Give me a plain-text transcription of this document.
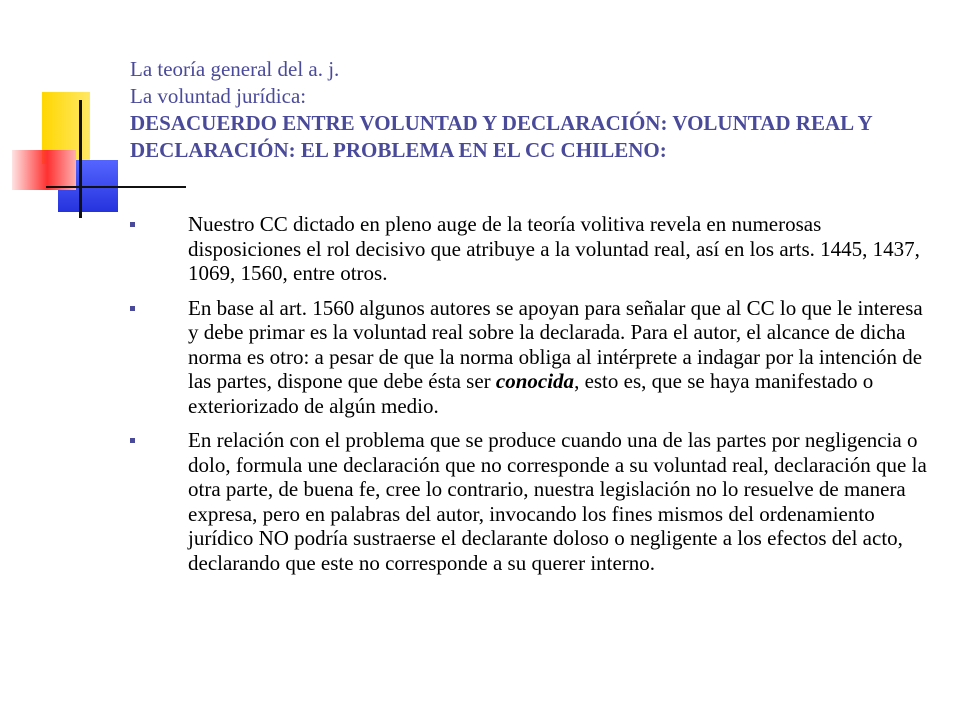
La teoría general del a. j.
La voluntad jurídica:
DESACUERDO ENTRE VOLUNTAD Y DECLARACIÓN: VOLUNTAD REAL Y DECLARACIÓN: EL PROBLEMA EN EL CC CHILENO:
Nuestro CC dictado en pleno auge de la teoría volitiva revela en numerosas disposiciones el rol decisivo que atribuye a la voluntad real, así en los arts. 1445, 1437, 1069, 1560, entre otros.
En base al art. 1560 algunos autores se apoyan para señalar que al CC lo que le interesa y debe primar es la voluntad real sobre la declarada. Para el autor, el alcance de dicha norma es otro: a pesar de que la norma obliga al intérprete a indagar por la intención de las partes, dispone que debe ésta ser conocida, esto es, que se haya manifestado o exteriorizado de algún medio.
En relación con el problema que se produce cuando una de las partes por negligencia o dolo, formula une declaración que no corresponde a su voluntad real, declaración que la otra parte, de buena fe, cree lo contrario, nuestra legislación no lo resuelve de manera expresa, pero en palabras del autor, invocando los fines mismos del ordenamiento jurídico NO podría sustraerse el declarante doloso o negligente a los efectos del acto, declarando que este no corresponde a su querer interno.
